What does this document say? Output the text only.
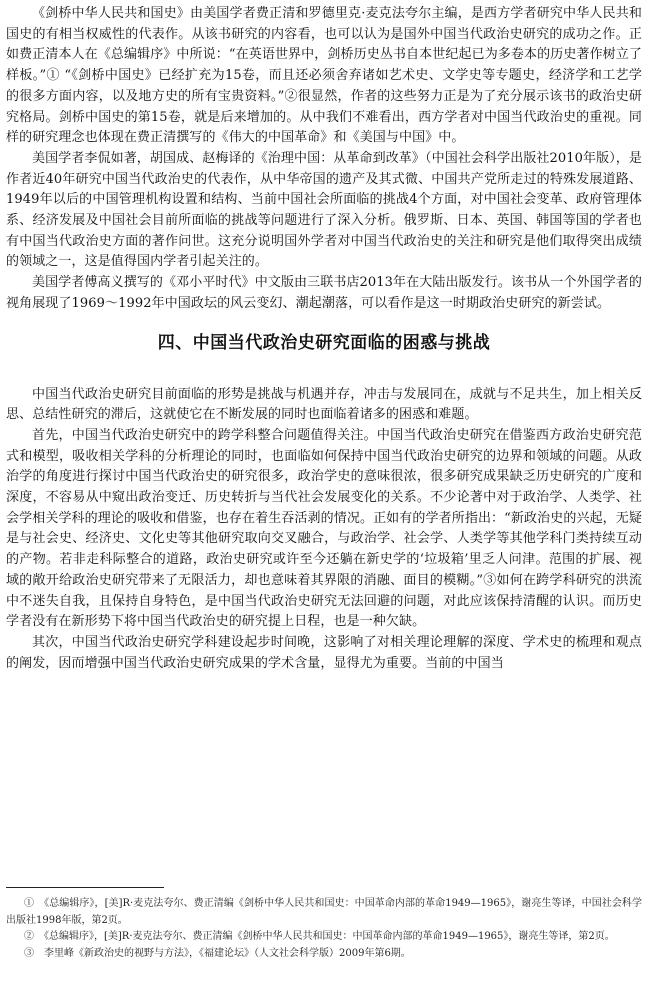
《剑桥中华人民共和国史》由美国学者费正清和罗德里克·麦克法夸尔主编，是西方学者研究中华人民共和国史的有相当权威性的代表作。从该书研究的内容看，也可以认为是国外中国当代政治史研究的成功之作。正如费正清本人在《总编辑序》中所说：“在英语世界中，剑桥历史丛书自本世纪起已为多卷本的历史著作树立了样板。”① “《剑桥中国史》已经扩充为15卷，而且还必须舍弃诸如艺术史、文学史等专题史，经济学和工艺学的很多方面内容，以及地方史的所有宝贵资料。”②很显然，作者的这些努力正是为了充分展示该书的政治史研究格局。剑桥中国史的第15卷，就是后来增加的。从中我们不难看出，西方学者对中国当代政治史的重视。同样的研究理念也体现在费正清撰写的《伟大的中国革命》和《美国与中国》中。

美国学者李侃如著，胡国成、赵梅译的《治理中国：从革命到改革》（中国社会科学出版社2010年版），是作者近40年研究中国当代政治史的代表作，从中华帝国的遗产及其式微、中国共产党所走过的特殊发展道路、1949年以后的中国管理机构设置和结构、当前中国社会所面临的挑战4个方面，对中国社会变革、政府管理体系、经济发展及中国社会目前所面临的挑战等问题进行了深入分析。俄罗斯、日本、英国、韩国等国的学者也有中国当代政治史方面的著作问世。这充分说明国外学者对中国当代政治史的关注和研究是他们取得突出成绩的领域之一，这是值得国内学者引起关注的。

美国学者傅高义撰写的《邓小平时代》中文版由三联书店2013年在大陆出版发行。该书从一个外国学者的视角展现了1969～1992年中国政坛的风云变幻、潮起潮落，可以看作是这一时期政治史研究的新尝试。

四、中国当代政治史研究面临的困惑与挑战

中国当代政治史研究目前面临的形势是挑战与机遇并存，冲击与发展同在，成就与不足共生，加上相关反思、总结性研究的滞后，这就使它在不断发展的同时也面临着诸多的困惑和难题。

首先，中国当代政治史研究中的跨学科整合问题值得关注。中国当代政治史研究在借鉴西方政治史研究范式和模型，吸收相关学科的分析理论的同时，也面临如何保持中国当代政治史研究的边界和领域的问题。从政治学的角度进行探讨中国当代政治史的研究很多，政治学史的意味很浓，很多研究成果缺乏历史研究的广度和深度，不容易从中窥出政治变迁、历史转折与当代社会发展变化的关系。不少论著中对于政治学、人类学、社会学相关学科的理论的吸收和借鉴，也存在着生吞活剥的情况。正如有的学者所指出：“新政治史的兴起，无疑是与社会史、经济史、文化史等其他研究取向交叉融合，与政治学、社会学、人类学等其他学科门类持续互动的产物。若非走科际整合的道路，政治史研究或许至今还躺在新史学的‘垃圾箱’里乏人问津。范围的扩展、视域的敞开给政治史研究带来了无限活力，却也意味着其界限的消融、面目的模糊。”③如何在跨学科研究的洪流中不迷失自我，且保持自身特色，是中国当代政治史研究无法回避的问题，对此应该保持清醒的认识。而历史学者没有在新形势下将中国当代政治史的研究提上日程，也是一种欠缺。

其次，中国当代政治史研究学科建设起步时间晚，这影响了对相关理论理解的深度、学术史的梳理和观点的阐发，因而增强中国当代政治史研究成果的学术含量，显得尤为重要。当前的中国当

①　《总编辑序》，[美]R·麦克法夸尔、费正清编《剑桥中华人民共和国史：中国革命内部的革命1949—1965》，谢亮生等译，中国社会科学出版社1998年版，第2页。

②　《总编辑序》，[美]R·麦克法夸尔、费正清编《剑桥中华人民共和国史：中国革命内部的革命1949—1965》，谢亮生等译，第2页。

③　李里峰《新政治史的视野与方法》，《福建论坛》（人文社会科学版）2009年第6期。
